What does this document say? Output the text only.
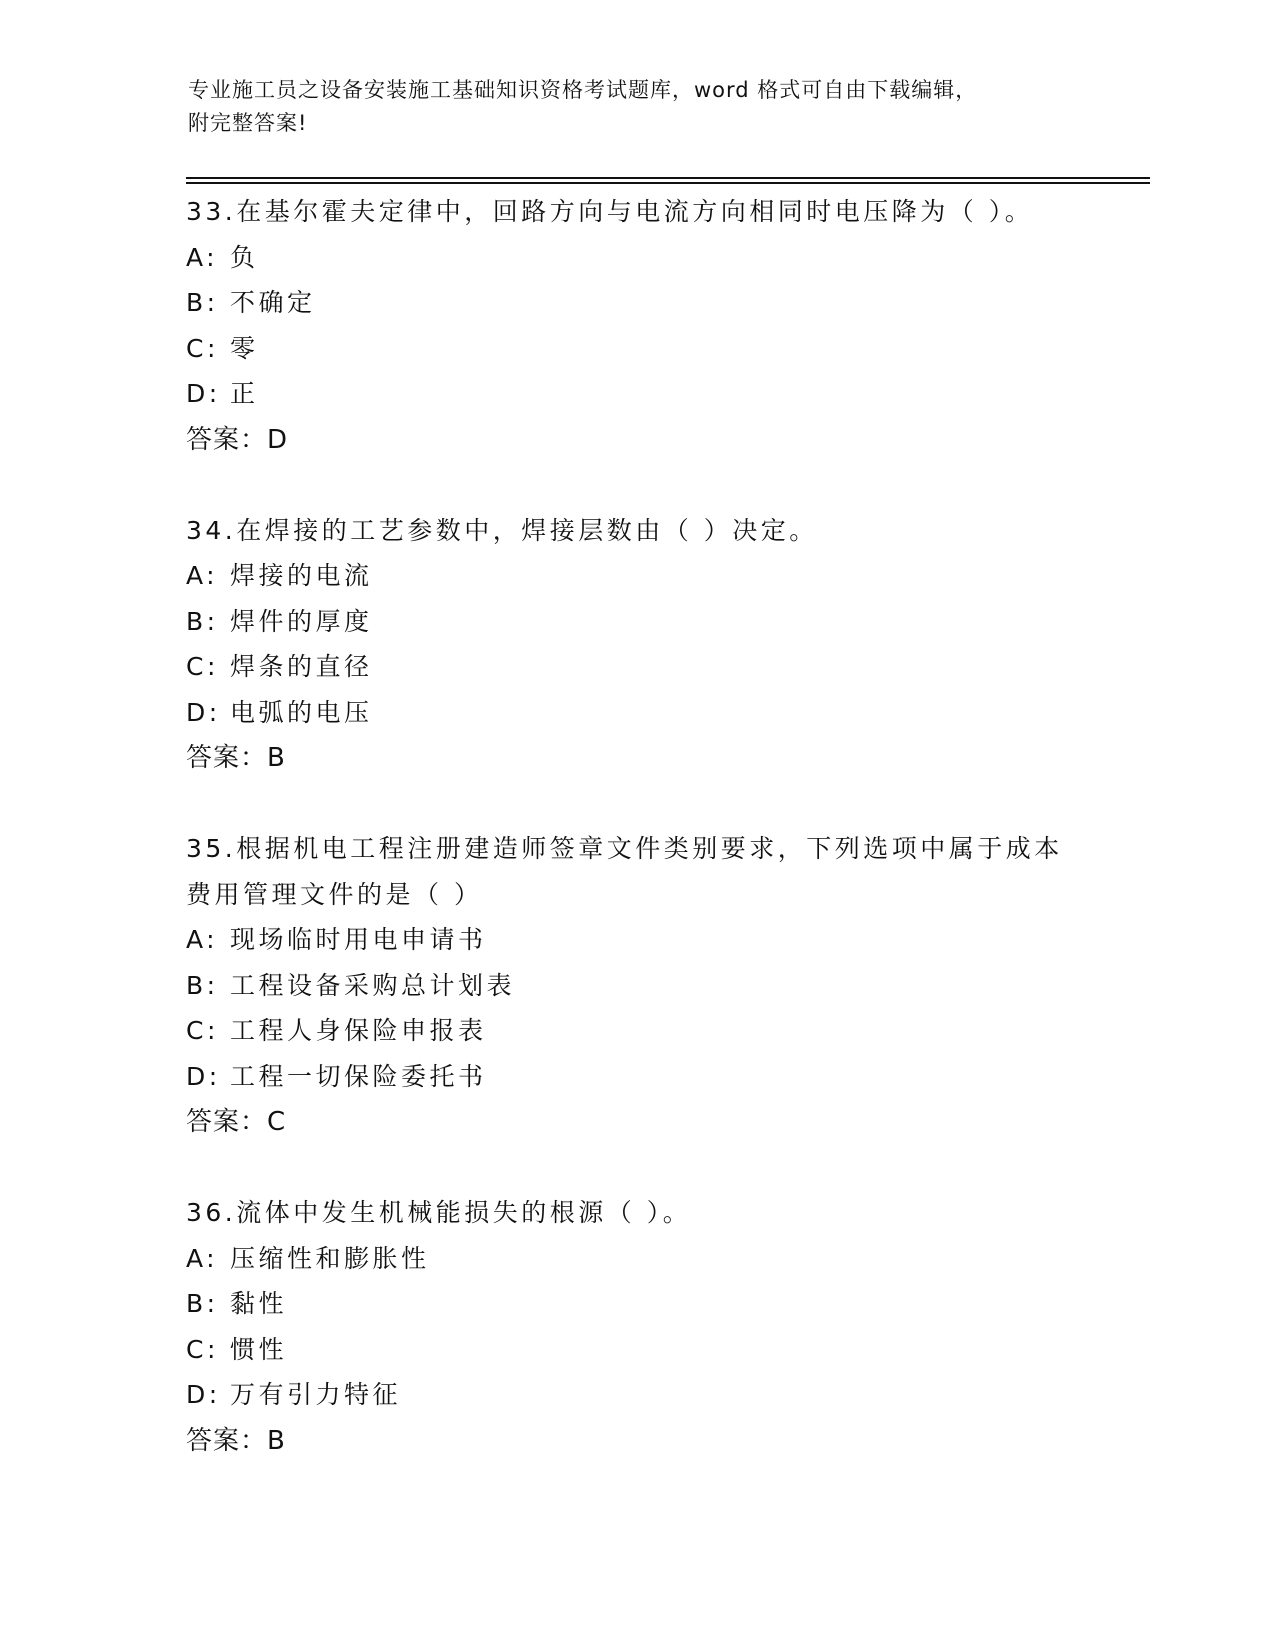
专业施工员之设备安装施工基础知识资格考试题库，word 格式可自由下载编辑，
附完整答案!
33.在基尔霍夫定律中，回路方向与电流方向相同时电压降为（ ）。
A: 负
B: 不确定
C: 零
D: 正
答案：D
34.在焊接的工艺参数中，焊接层数由（ ）决定。
A: 焊接的电流
B: 焊件的厚度
C: 焊条的直径
D: 电弧的电压
答案：B
35.根据机电工程注册建造师签章文件类别要求，下列选项中属于成本
费用管理文件的是（ ）
A: 现场临时用电申请书
B: 工程设备采购总计划表
C: 工程人身保险申报表
D: 工程一切保险委托书
答案：C
36.流体中发生机械能损失的根源（ ）。
A: 压缩性和膨胀性
B: 黏性
C: 惯性
D: 万有引力特征
答案：B
